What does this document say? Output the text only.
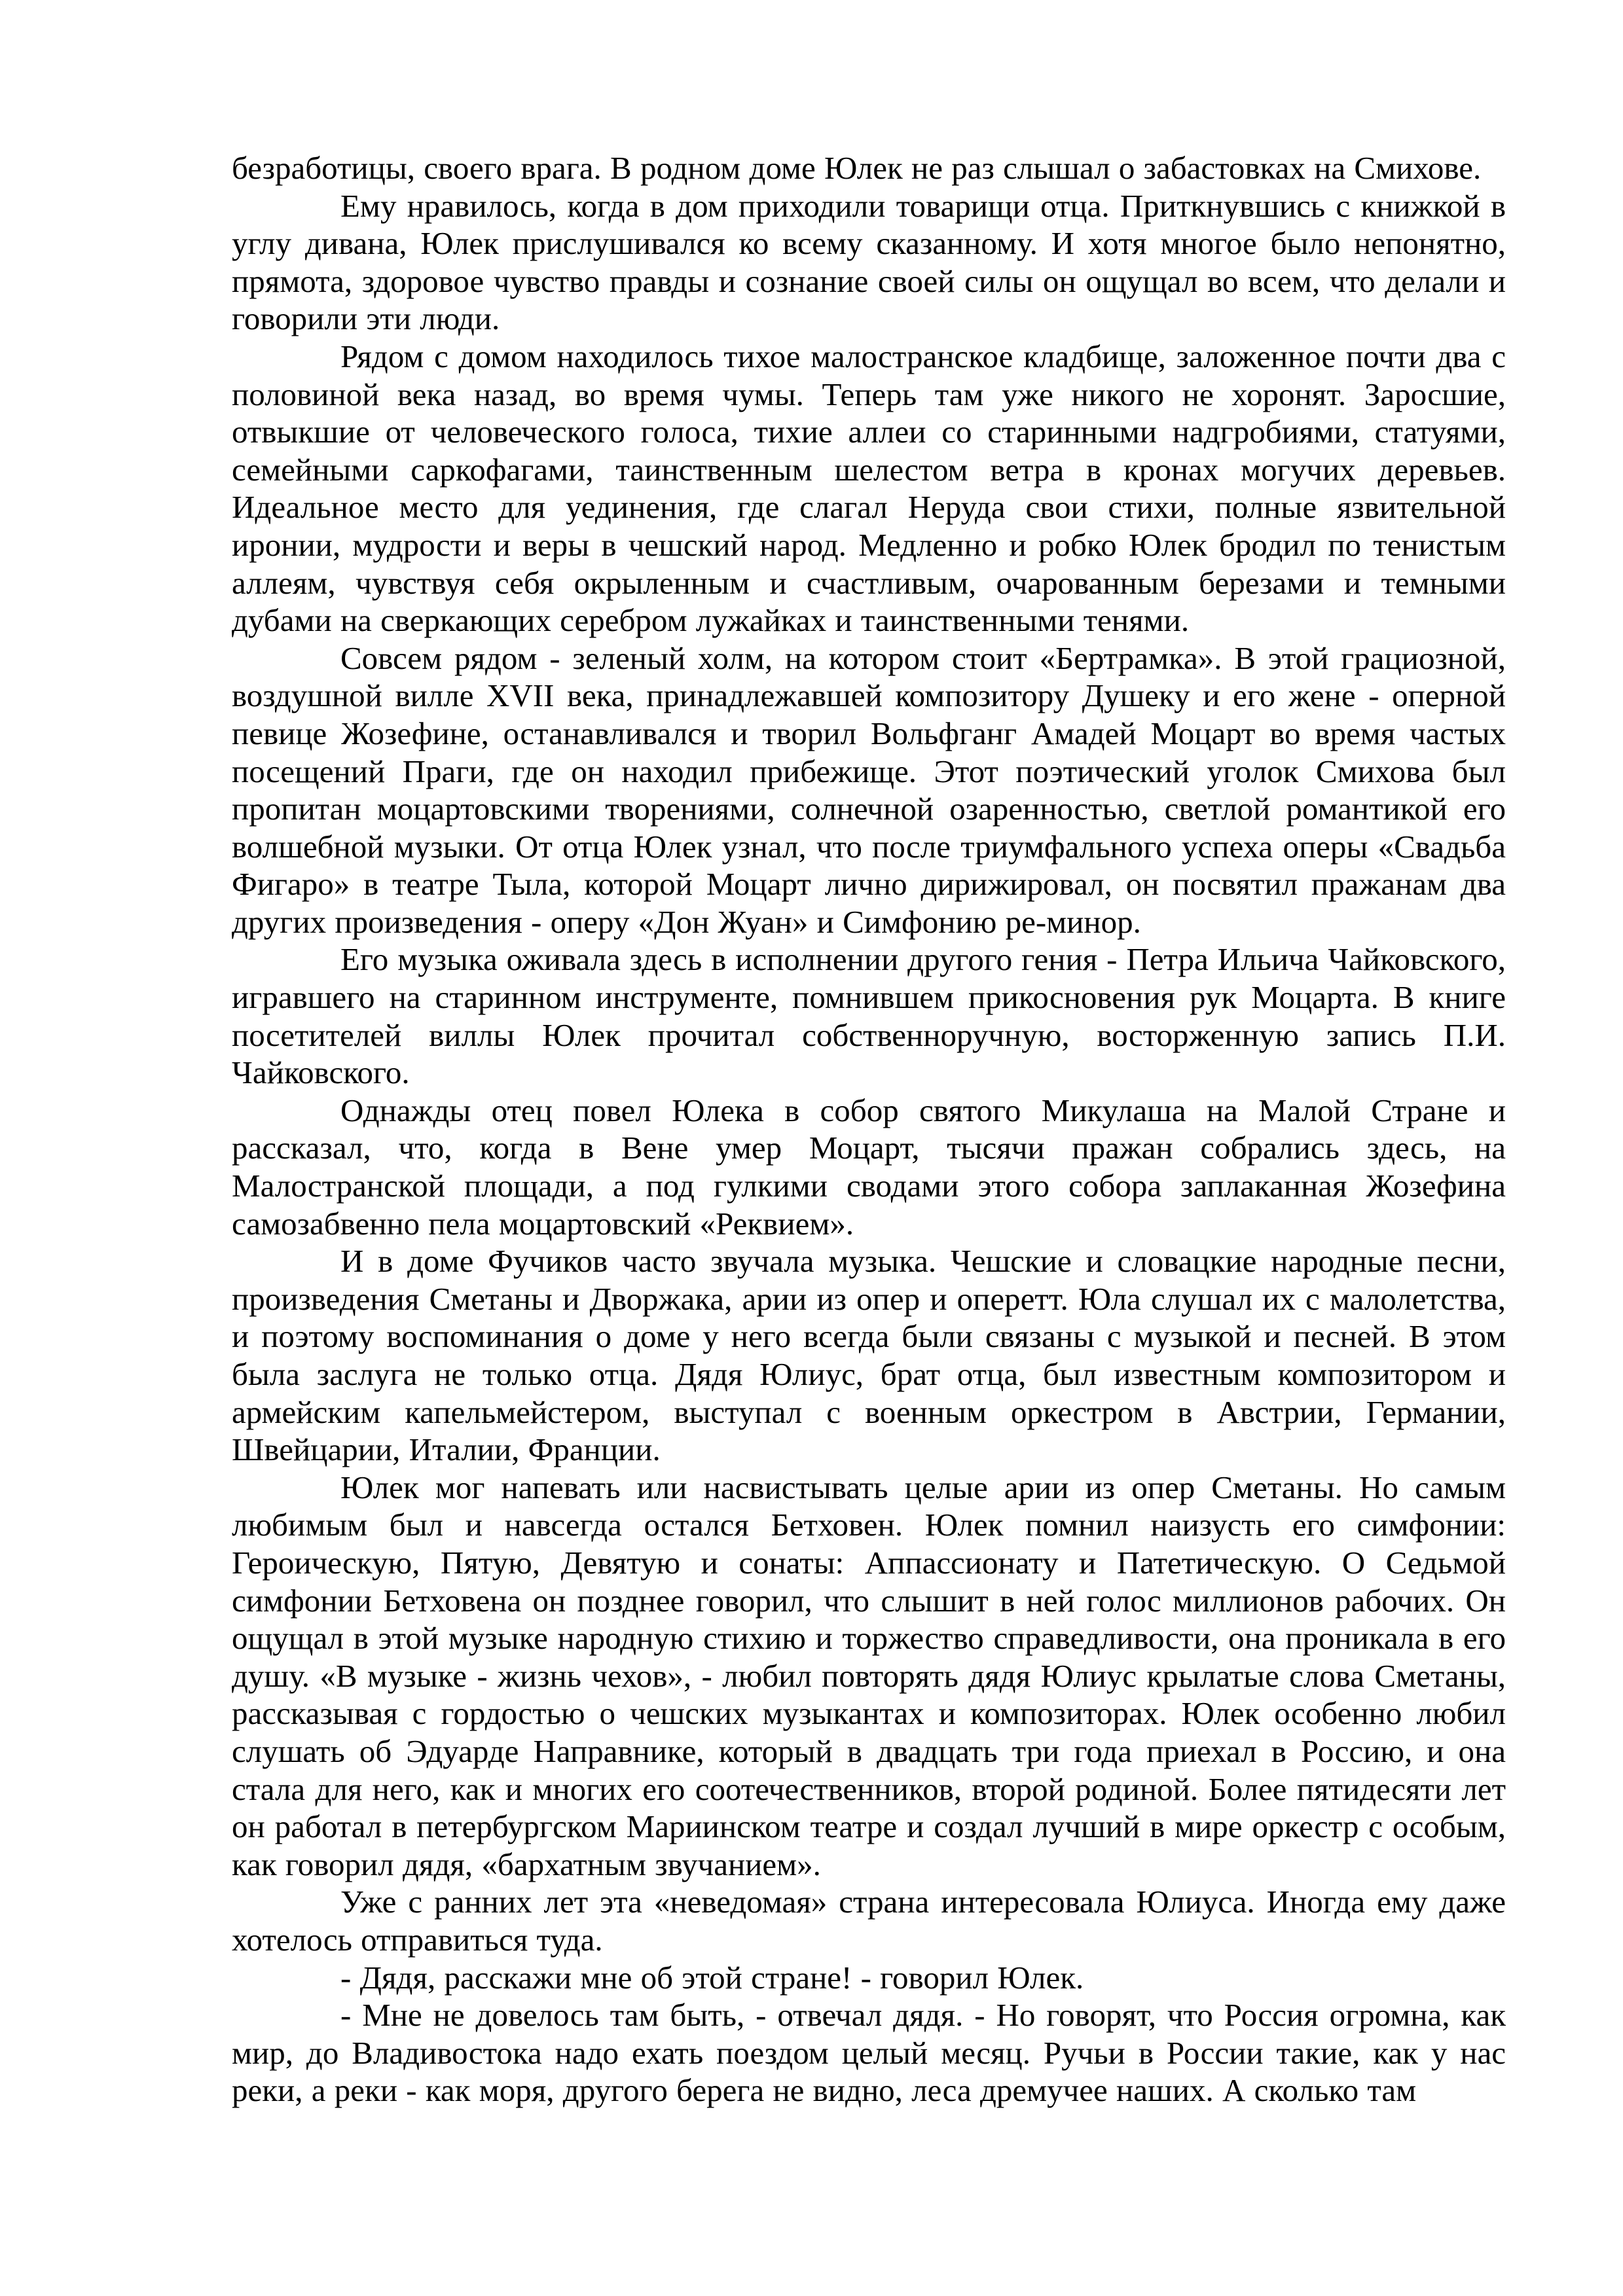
безработицы, своего врага. В родном доме Юлек не раз слышал о забастовках на Смихове.

Ему нравилось, когда в дом приходили товарищи отца. Приткнувшись с книжкой в углу дивана, Юлек прислушивался ко всему сказанному. И хотя многое было непонятно, прямота, здоровое чувство правды и сознание своей силы он ощущал во всем, что делали и говорили эти люди.

Рядом с домом находилось тихое малостранское кладбище, заложенное почти два с половиной века назад, во время чумы. Теперь там уже никого не хоронят. Заросшие, отвыкшие от человеческого голоса, тихие аллеи со старинными надгробиями, статуями, семейными саркофагами, таинственным шелестом ветра в кронах могучих деревьев. Идеальное место для уединения, где слагал Неруда свои стихи, полные язвительной иронии, мудрости и веры в чешский народ. Медленно и робко Юлек бродил по тенистым аллеям, чувствуя себя окрыленным и счастливым, очарованным березами и темными дубами на сверкающих серебром лужайках и таинственными тенями.

Совсем рядом - зеленый холм, на котором стоит «Бертрамка». В этой грациозной, воздушной вилле XVII века, принадлежавшей композитору Душеку и его жене - оперной певице Жозефине, останавливался и творил Вольфганг Амадей Моцарт во время частых посещений Праги, где он находил прибежище. Этот поэтический уголок Смихова был пропитан моцартовскими творениями, солнечной озаренностью, светлой романтикой его волшебной музыки. От отца Юлек узнал, что после триумфального успеха оперы «Свадьба Фигаро» в театре Тыла, которой Моцарт лично дирижировал, он посвятил пражанам два других произведения - оперу «Дон Жуан» и Симфонию ре-минор.

Его музыка оживала здесь в исполнении другого гения - Петра Ильича Чайковского, игравшего на старинном инструменте, помнившем прикосновения рук Моцарта. В книге посетителей виллы Юлек прочитал собственноручную, восторженную запись П.И. Чайковского.

Однажды отец повел Юлека в собор святого Микулаша на Малой Стране и рассказал, что, когда в Вене умер Моцарт, тысячи пражан собрались здесь, на Малостранской площади, а под гулкими сводами этого собора заплаканная Жозефина самозабвенно пела моцартовский «Реквием».

И в доме Фучиков часто звучала музыка. Чешские и словацкие народные песни, произведения Сметаны и Дворжака, арии из опер и оперетт. Юла слушал их с малолетства, и поэтому воспоминания о доме у него всегда были связаны с музыкой и песней. В этом была заслуга не только отца. Дядя Юлиус, брат отца, был известным композитором и армейским капельмейстером, выступал с военным оркестром в Австрии, Германии, Швейцарии, Италии, Франции.

Юлек мог напевать или насвистывать целые арии из опер Сметаны. Но самым любимым был и навсегда остался Бетховен. Юлек помнил наизусть его симфонии: Героическую, Пятую, Девятую и сонаты: Аппассионату и Патетическую. О Седьмой симфонии Бетховена он позднее говорил, что слышит в ней голос миллионов рабочих. Он ощущал в этой музыке народную стихию и торжество справедливости, она проникала в его душу. «В музыке - жизнь чехов», - любил повторять дядя Юлиус крылатые слова Сметаны, рассказывая с гордостью о чешских музыкантах и композиторах. Юлек особенно любил слушать об Эдуарде Направнике, который в двадцать три года приехал в Россию, и она стала для него, как и многих его соотечественников, второй родиной. Более пятидесяти лет он работал в петербургском Мариинском театре и создал лучший в мире оркестр с особым, как говорил дядя, «бархатным звучанием».

Уже с ранних лет эта «неведомая» страна интересовала Юлиуса. Иногда ему даже хотелось отправиться туда.

- Дядя, расскажи мне об этой стране! - говорил Юлек.

- Мне не довелось там быть, - отвечал дядя. - Но говорят, что Россия огромна, как мир, до Владивостока надо ехать поездом целый месяц. Ручьи в России такие, как у нас реки, а реки - как моря, другого берега не видно, леса дремучее наших. А сколько там
